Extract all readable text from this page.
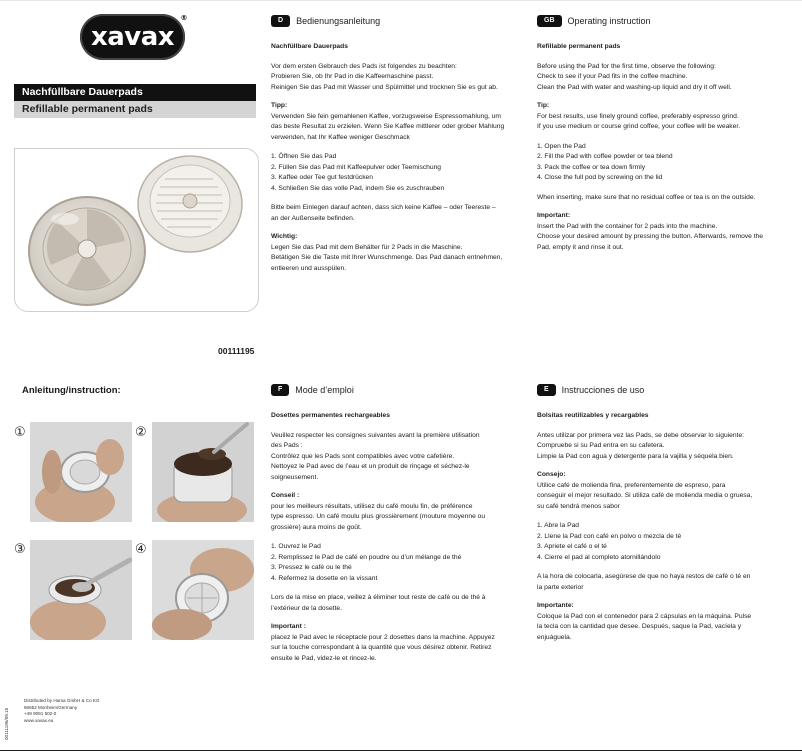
xavax
®
Nachfüllbare Dauerpads
Refillable permanent pads
00111195
Anleitung/instruction:
①	②
③	④
D	Bedienungsanleitung

Nachfüllbare Dauerpads

Vor dem ersten Gebrauch des Pads ist folgendes zu beachten:

Probieren Sie, ob Ihr Pad in die Kaffeemaschine passt.

Reinigen Sie das Pad mit Wasser und Spülmittel und trocknen Sie es gut ab.

Tipp:

Verwenden Sie fein gemahlenen Kaffee, vorzugsweise Espressomahlung, um

das beste Resultat zu erzielen. Wenn Sie Kaffee mittlerer oder grober Mahlung

verwenden, hat Ihr Kaffee weniger Geschmack

1. Öffnen Sie das Pad

2. Füllen Sie das Pad mit Kaffeepulver oder Teemischung

3. Kaffee oder Tee gut festdrücken

4. Schließen Sie das volle Pad, indem Sie es zuschrauben

Bitte beim Einlegen darauf achten, dass sich keine Kaffee – oder Teereste –

an der Außenseite befinden.

Wichtig:

Legen Sie das Pad mit dem Behälter für 2 Pads in die Maschine.

Betätigen Sie die Taste mit Ihrer Wunschmenge. Das Pad danach entnehmen,

entleeren und ausspülen.

GB	Operating instruction

Refillable permanent pads

Before using the Pad for the first time, observe the following:

Check to see if your Pad fits in the coffee machine.

Clean the Pad with water and washing-up liquid and dry it off well.

Tip:

For best results, use finely ground coffee, preferably espresso grind.

If you use medium or course grind coffee, your coffee will be weaker.

1. Open the Pad

2. Fill the Pad with coffee powder or tea blend

3. Pack the coffee or tea down firmly

4. Close the full pod by screwing on the lid

When inserting, make sure that no residual coffee or tea is on the outside.

Important:

Insert the Pad with the container for 2 pads into the machine.

Choose your desired amount by pressing the button. Afterwards, remove the

Pad, empty it and rinse it out.

F	Mode d’emploi

Dosettes permanentes rechargeables

Veuillez respecter les consignes suivantes avant la première utilisation

des Pads :

Contrôlez que les Pads sont compatibles avec votre cafetière.

Nettoyez le Pad avec de l’eau et un produit de rinçage et séchez-le

soigneusement.

Conseil :

pour les meilleurs résultats, utilisez du café moulu fin, de préférence

type espresso. Un café moulu plus grossièrement (mouture moyenne ou

grossière) aura moins de goût.

1. Ouvrez le Pad

2. Remplissez le Pad de café en poudre ou d’un mélange de thé

3. Pressez le café ou le thé

4. Refermez la dosette en la vissant

Lors de la mise en place, veillez à éliminer tout reste de café ou de thé à

l’extérieur de la dosette.

Important :

placez le Pad avec le réceptacle pour 2 dosettes dans la machine. Appuyez

sur la touche correspondant à la quantité que vous désirez obtenir. Retirez

ensuite le Pad, videz-le et rincez-le.

E	Instrucciones de uso

Bolsitas reutilizables y recargables

Antes utilizar por primera vez las Pads, se debe observar lo siguiente:

Compruebe si su Pad entra en su cafetera.

Limpie la Pad con agua y detergente para la vajilla y séquela bien.

Consejo:

Utilice café de molienda fina, preferentemente de espreso, para

conseguir el mejor resultado. Si utiliza café de molienda media o gruesa,

su café tendrá menos sabor

1. Abre la Pad

2. Llene la Pad con café en polvo o mezcla de té

3. Apriete el café o el té

4. Cierre el pad al completo atornillándolo

A la hora de colocarla, asegúrese de que no haya restos de café o té en

la parte exterior

Importante:

Coloque la Pad con el contenedor para 2 cápsulas en la máquina. Pulse

la tecla con la cantidad que desee. Después, saque la Pad, vacíela y

enjuáguela.

Distributed by Hama GmbH & Co KG
86652 Monheim/Germany
+49 9091 502-0
www.xavax.eu
00111195/09.15
